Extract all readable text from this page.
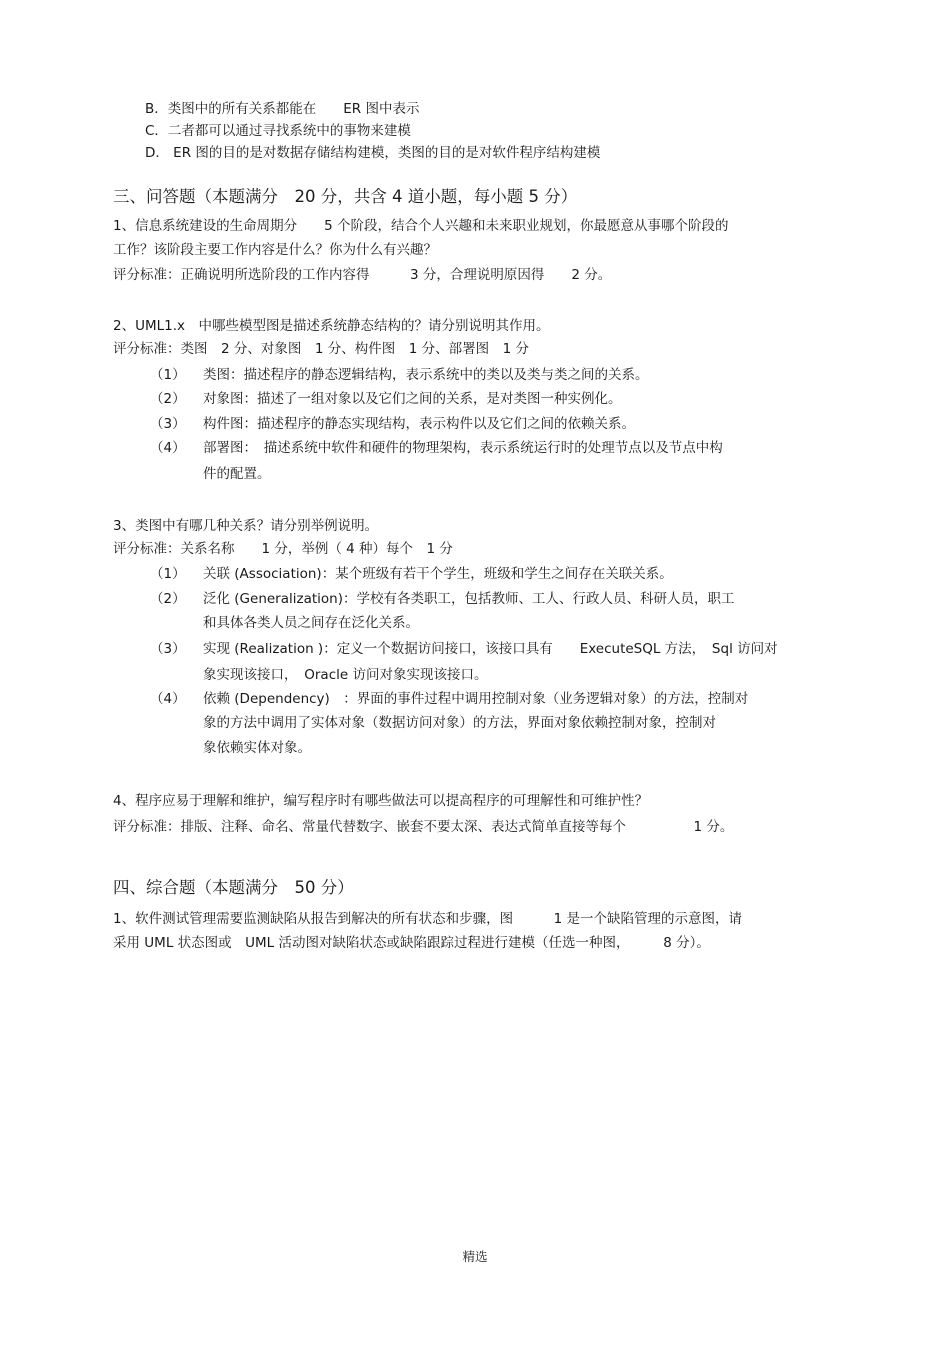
B．类图中的所有关系都能在　　ER 图中表示
C．二者都可以通过寻找系统中的事物来建模
D． ER 图的目的是对数据存储结构建模，类图的目的是对软件程序结构建模
三、问答题（本题满分　20 分，共含 4 道小题，每小题 5 分）
1、信息系统建设的生命周期分　　5 个阶段，结合个人兴趣和未来职业规划，你最愿意从事哪个阶段的
工作？该阶段主要工作内容是什么？你为什么有兴趣？
评分标准：正确说明所选阶段的工作内容得　　　3 分，合理说明原因得　　2 分。
2、UML1.x　中哪些模型图是描述系统静态结构的？请分别说明其作用。
评分标准：类图　2 分、对象图　1 分、构件图　1 分、部署图　1 分
（1） 类图：描述程序的静态逻辑结构，表示系统中的类以及类与类之间的关系。
（2） 对象图：描述了一组对象以及它们之间的关系，是对类图一种实例化。
（3） 构件图：描述程序的静态实现结构，表示构件以及它们之间的依赖关系。
（4） 部署图：　描述系统中软件和硬件的物理架构，表示系统运行时的处理节点以及节点中构
件的配置。
3、类图中有哪几种关系？请分别举例说明。
评分标准：关系名称　　1 分，举例（ 4 种）每个　1 分
（1） 关联 (Association)：某个班级有若干个学生，班级和学生之间存在关联关系。
（2） 泛化 (Generalization)：学校有各类职工，包括教师、工人、行政人员、科研人员，职工
和具体各类人员之间存在泛化关系。
（3） 实现 (Realization )：定义一个数据访问接口，该接口具有　　ExecuteSQL 方法，　Sql 访问对
象实现该接口，　Oracle 访问对象实现该接口。
（4） 依赖 (Dependency)　：界面的事件过程中调用控制对象（业务逻辑对象）的方法，控制对
象的方法中调用了实体对象（数据访问对象）的方法，界面对象依赖控制对象，控制对
象依赖实体对象。
4、程序应易于理解和维护，编写程序时有哪些做法可以提高程序的可理解性和可维护性？
评分标准：排版、注释、命名、常量代替数字、嵌套不要太深、表达式简单直接等每个　　　　　1 分。
四、综合题（本题满分　50 分）
1、软件测试管理需要监测缺陷从报告到解决的所有状态和步骤，图　　　1 是一个缺陷管理的示意图，请
采用 UML 状态图或　UML 活动图对缺陷状态或缺陷跟踪过程进行建模（任选一种图，　　　8 分）。
精选
